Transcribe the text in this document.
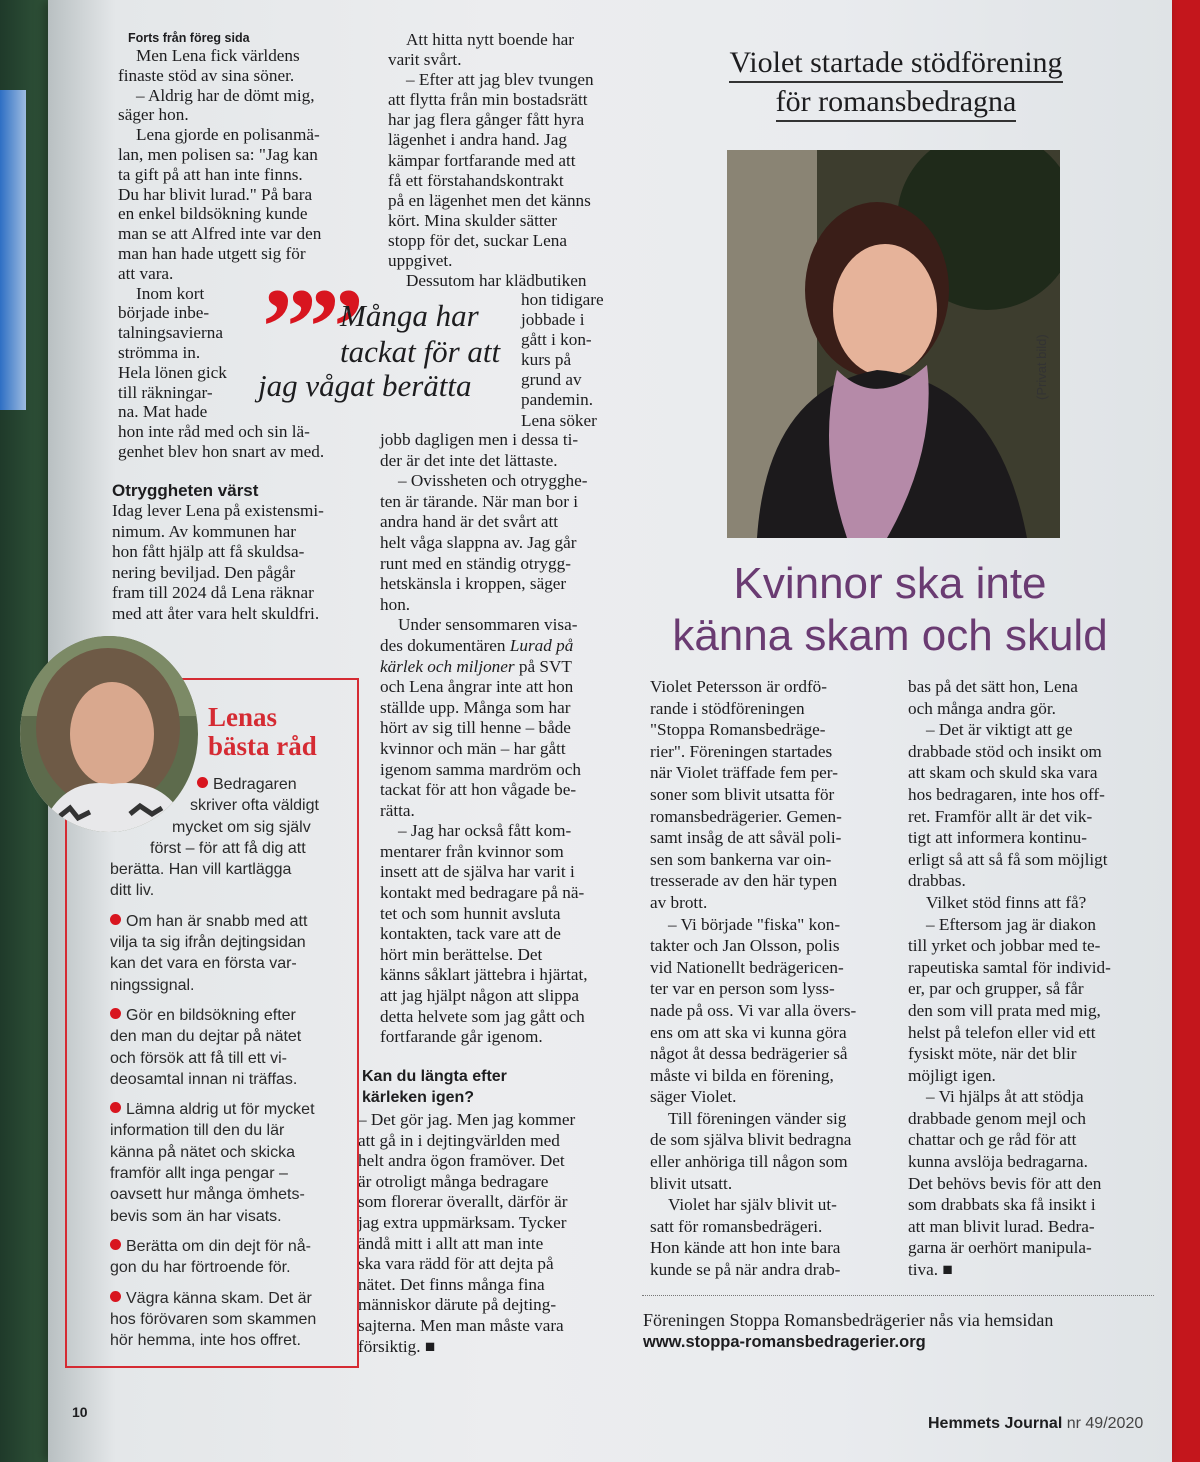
Forts från föreg sida
Men Lena fick världens
finaste stöd av sina söner.
– Aldrig har de dömt mig,
säger hon.
Lena gjorde en polisanmä-
lan, men polisen sa: "Jag kan
ta gift på att han inte finns.
Du har blivit lurad." På bara
en enkel bildsökning kunde
man se att Alfred inte var den
man han hade utgett sig för
att vara.
Inom kort
började inbe-
talningsavierna
strömma in.
Hela lönen gick
till räkningar-
na. Mat hade
hon inte råd med och sin lä-
genhet blev hon snart av med.
Otryggheten värst
Idag lever Lena på existensmi-
nimum. Av kommunen har
hon fått hjälp att få skuldsa-
nering beviljad. Den pågår
fram till 2024 då Lena räknar
med att åter vara helt skuldfri.
Att hitta nytt boende har
varit svårt.
– Efter att jag blev tvungen
att flytta från min bostadsrätt
har jag flera gånger fått hyra
lägenhet i andra hand. Jag
kämpar fortfarande med att
få ett förstahandskontrakt
på en lägenhet men det känns
kört. Mina skulder sätter
stopp för det, suckar Lena
uppgivet.
Dessutom har klädbutiken
hon tidigare
jobbade i
gått i kon-
kurs på
grund av
pandemin.
Lena söker
jobb dagligen men i dessa ti-
der är det inte det lättaste.
– Ovissheten och otrygghe-
ten är tärande. När man bor i
andra hand är det svårt att
helt våga slappna av. Jag går
runt med en ständig otrygg-
hetskänsla i kroppen, säger
hon.
Under sensommaren visa-
des dokumentären Lurad på
kärlek och miljoner på SVT
och Lena ångrar inte att hon
ställde upp. Många som har
hört av sig till henne – både
kvinnor och män – har gått
igenom samma mardröm och
tackat för att hon vågade be-
rätta.
– Jag har också fått kom-
mentarer från kvinnor som
insett att de själva har varit i
kontakt med bedragare på nä-
tet och som hunnit avsluta
kontakten, tack vare att de
hört min berättelse. Det
känns såklart jättebra i hjärtat,
att jag hjälpt någon att slippa
detta helvete som jag gått och
fortfarande går igenom.
Kan du längta efter
kärleken igen?
– Det gör jag. Men jag kommer
att gå in i dejtingvärlden med
helt andra ögon framöver. Det
är otroligt många bedragare
som florerar överallt, därför är
jag extra uppmärksam. Tycker
ändå mitt i allt att man inte
ska vara rädd för att dejta på
nätet. Det finns många fina
människor därute på dejting-
sajterna. Men man måste vara
försiktig. ■
””
Många har
tackat för att
jag vågat berätta
Lenas
bästa råd
Bedragaren
skriver ofta väldigt
mycket om sig själv
först – för att få dig att
berätta. Han vill kartlägga
ditt liv.
Om han är snabb med att
vilja ta sig ifrån dejtingsidan
kan det vara en första var-
ningssignal.
Gör en bildsökning efter
den man du dejtar på nätet
och försök att få till ett vi-
deosamtal innan ni träffas.
Lämna aldrig ut för mycket
information till den du lär
känna på nätet och skicka
framför allt inga pengar –
oavsett hur många ömhets-
bevis som än har visats.
Berätta om din dejt för nå-
gon du har förtroende för.
Vägra känna skam. Det är
hos förövaren som skammen
hör hemma, inte hos offret.
Violet startade stödförening
för romansbedragna
(Privat bild)
Kvinnor ska inte
känna skam och skuld
Violet Petersson är ordfö-
rande i stödföreningen
"Stoppa Romansbedräge-
rier". Föreningen startades
när Violet träffade fem per-
soner som blivit utsatta för
romansbedrägerier. Gemen-
samt insåg de att såväl poli-
sen som bankerna var oin-
tresserade av den här typen
av brott.
– Vi började "fiska" kon-
takter och Jan Olsson, polis
vid Nationellt bedrägericen-
ter var en person som lyss-
nade på oss. Vi var alla övers-
ens om att ska vi kunna göra
något åt dessa bedrägerier så
måste vi bilda en förening,
säger Violet.
Till föreningen vänder sig
de som själva blivit bedragna
eller anhöriga till någon som
blivit utsatt.
Violet har själv blivit ut-
satt för romansbedrägeri.
Hon kände att hon inte bara
kunde se på när andra drab-
bas på det sätt hon, Lena
och många andra gör.
– Det är viktigt att ge
drabbade stöd och insikt om
att skam och skuld ska vara
hos bedragaren, inte hos off-
ret. Framför allt är det vik-
tigt att informera kontinu-
erligt så att så få som möjligt
drabbas.
Vilket stöd finns att få?
– Eftersom jag är diakon
till yrket och jobbar med te-
rapeutiska samtal för individ-
er, par och grupper, så får
den som vill prata med mig,
helst på telefon eller vid ett
fysiskt möte, när det blir
möjligt igen.
– Vi hjälps åt att stödja
drabbade genom mejl och
chattar och ge råd för att
kunna avslöja bedragarna.
Det behövs bevis för att den
som drabbats ska få insikt i
att man blivit lurad. Bedra-
garna är oerhört manipula-
tiva. ■
Föreningen Stoppa Romansbedrägerier nås via hemsidan
www.stoppa-romansbedragerier.org
10
Hemmets Journal nr 49/2020
